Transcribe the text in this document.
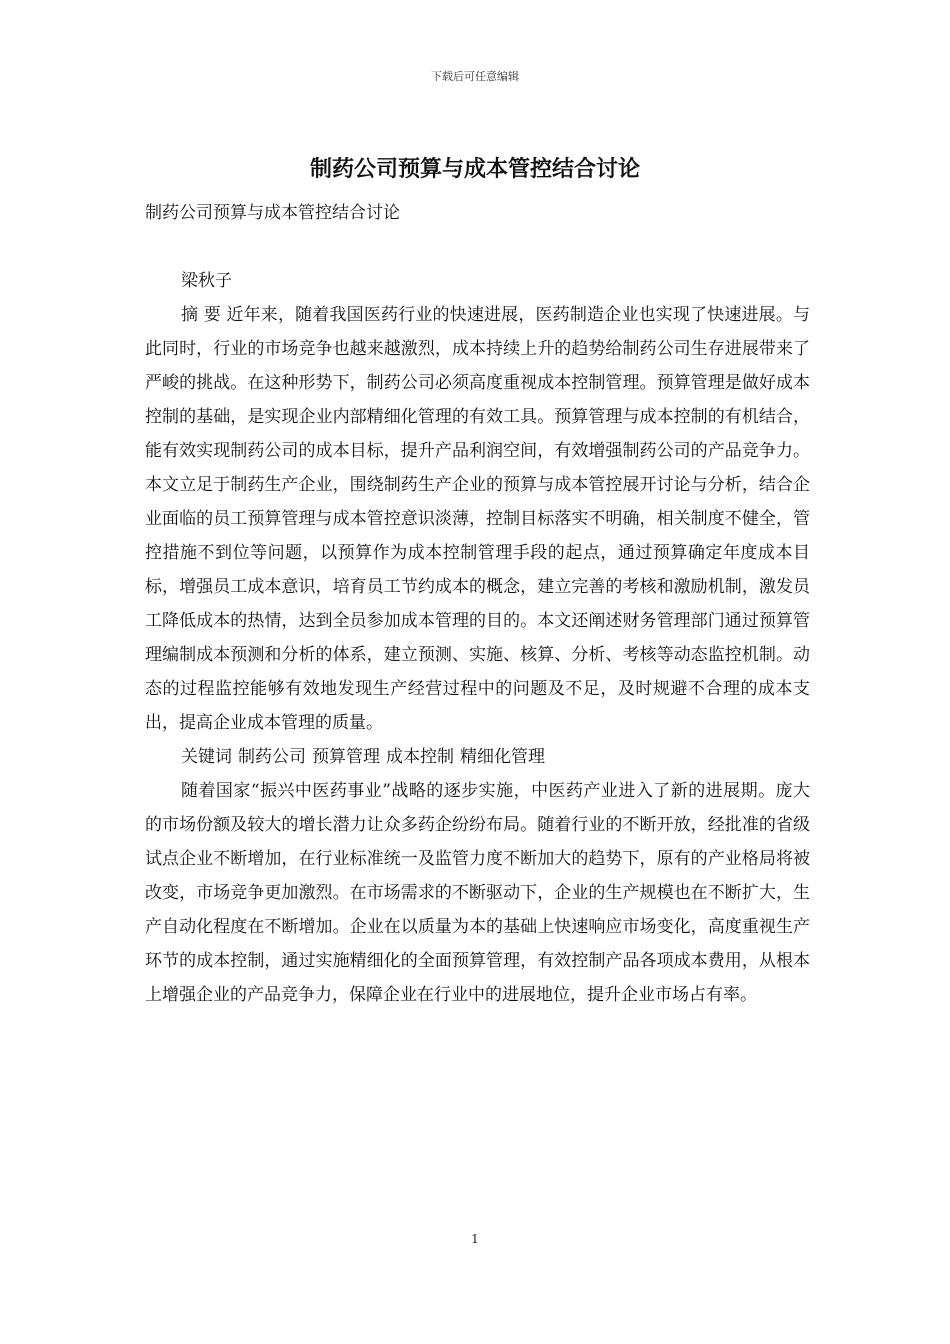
下载后可任意编辑
制药公司预算与成本管控结合讨论

制药公司预算与成本管控结合讨论

梁秋子

摘 要 近年来，随着我国医药行业的快速进展，医药制造企业也实现了快速进展。与此同时，行业的市场竞争也越来越激烈，成本持续上升的趋势给制药公司生存进展带来了严峻的挑战。在这种形势下，制药公司必须高度重视成本控制管理。预算管理是做好成本控制的基础，是实现企业内部精细化管理的有效工具。预算管理与成本控制的有机结合，能有效实现制药公司的成本目标，提升产品利润空间，有效增强制药公司的产品竞争力。本文立足于制药生产企业，围绕制药生产企业的预算与成本管控展开讨论与分析，结合企业面临的员工预算管理与成本管控意识淡薄，控制目标落实不明确，相关制度不健全，管控措施不到位等问题，以预算作为成本控制管理手段的起点，通过预算确定年度成本目标，增强员工成本意识，培育员工节约成本的概念，建立完善的考核和激励机制，激发员工降低成本的热情，达到全员参加成本管理的目的。本文还阐述财务管理部门通过预算管理编制成本预测和分析的体系，建立预测、实施、核算、分析、考核等动态监控机制。动态的过程监控能够有效地发现生产经营过程中的问题及不足，及时规避不合理的成本支出，提高企业成本管理的质量。

关键词 制药公司 预算管理 成本控制 精细化管理

随着国家“振兴中医药事业”战略的逐步实施，中医药产业进入了新的进展期。庞大的市场份额及较大的增长潜力让众多药企纷纷布局。随着行业的不断开放，经批准的省级试点企业不断增加，在行业标准统一及监管力度不断加大的趋势下，原有的产业格局将被改变，市场竞争更加激烈。在市场需求的不断驱动下，企业的生产规模也在不断扩大，生产自动化程度在不断增加。企业在以质量为本的基础上快速响应市场变化，高度重视生产环节的成本控制，通过实施精细化的全面预算管理，有效控制产品各项成本费用，从根本上增强企业的产品竞争力，保障企业在行业中的进展地位，提升企业市场占有率。

1
